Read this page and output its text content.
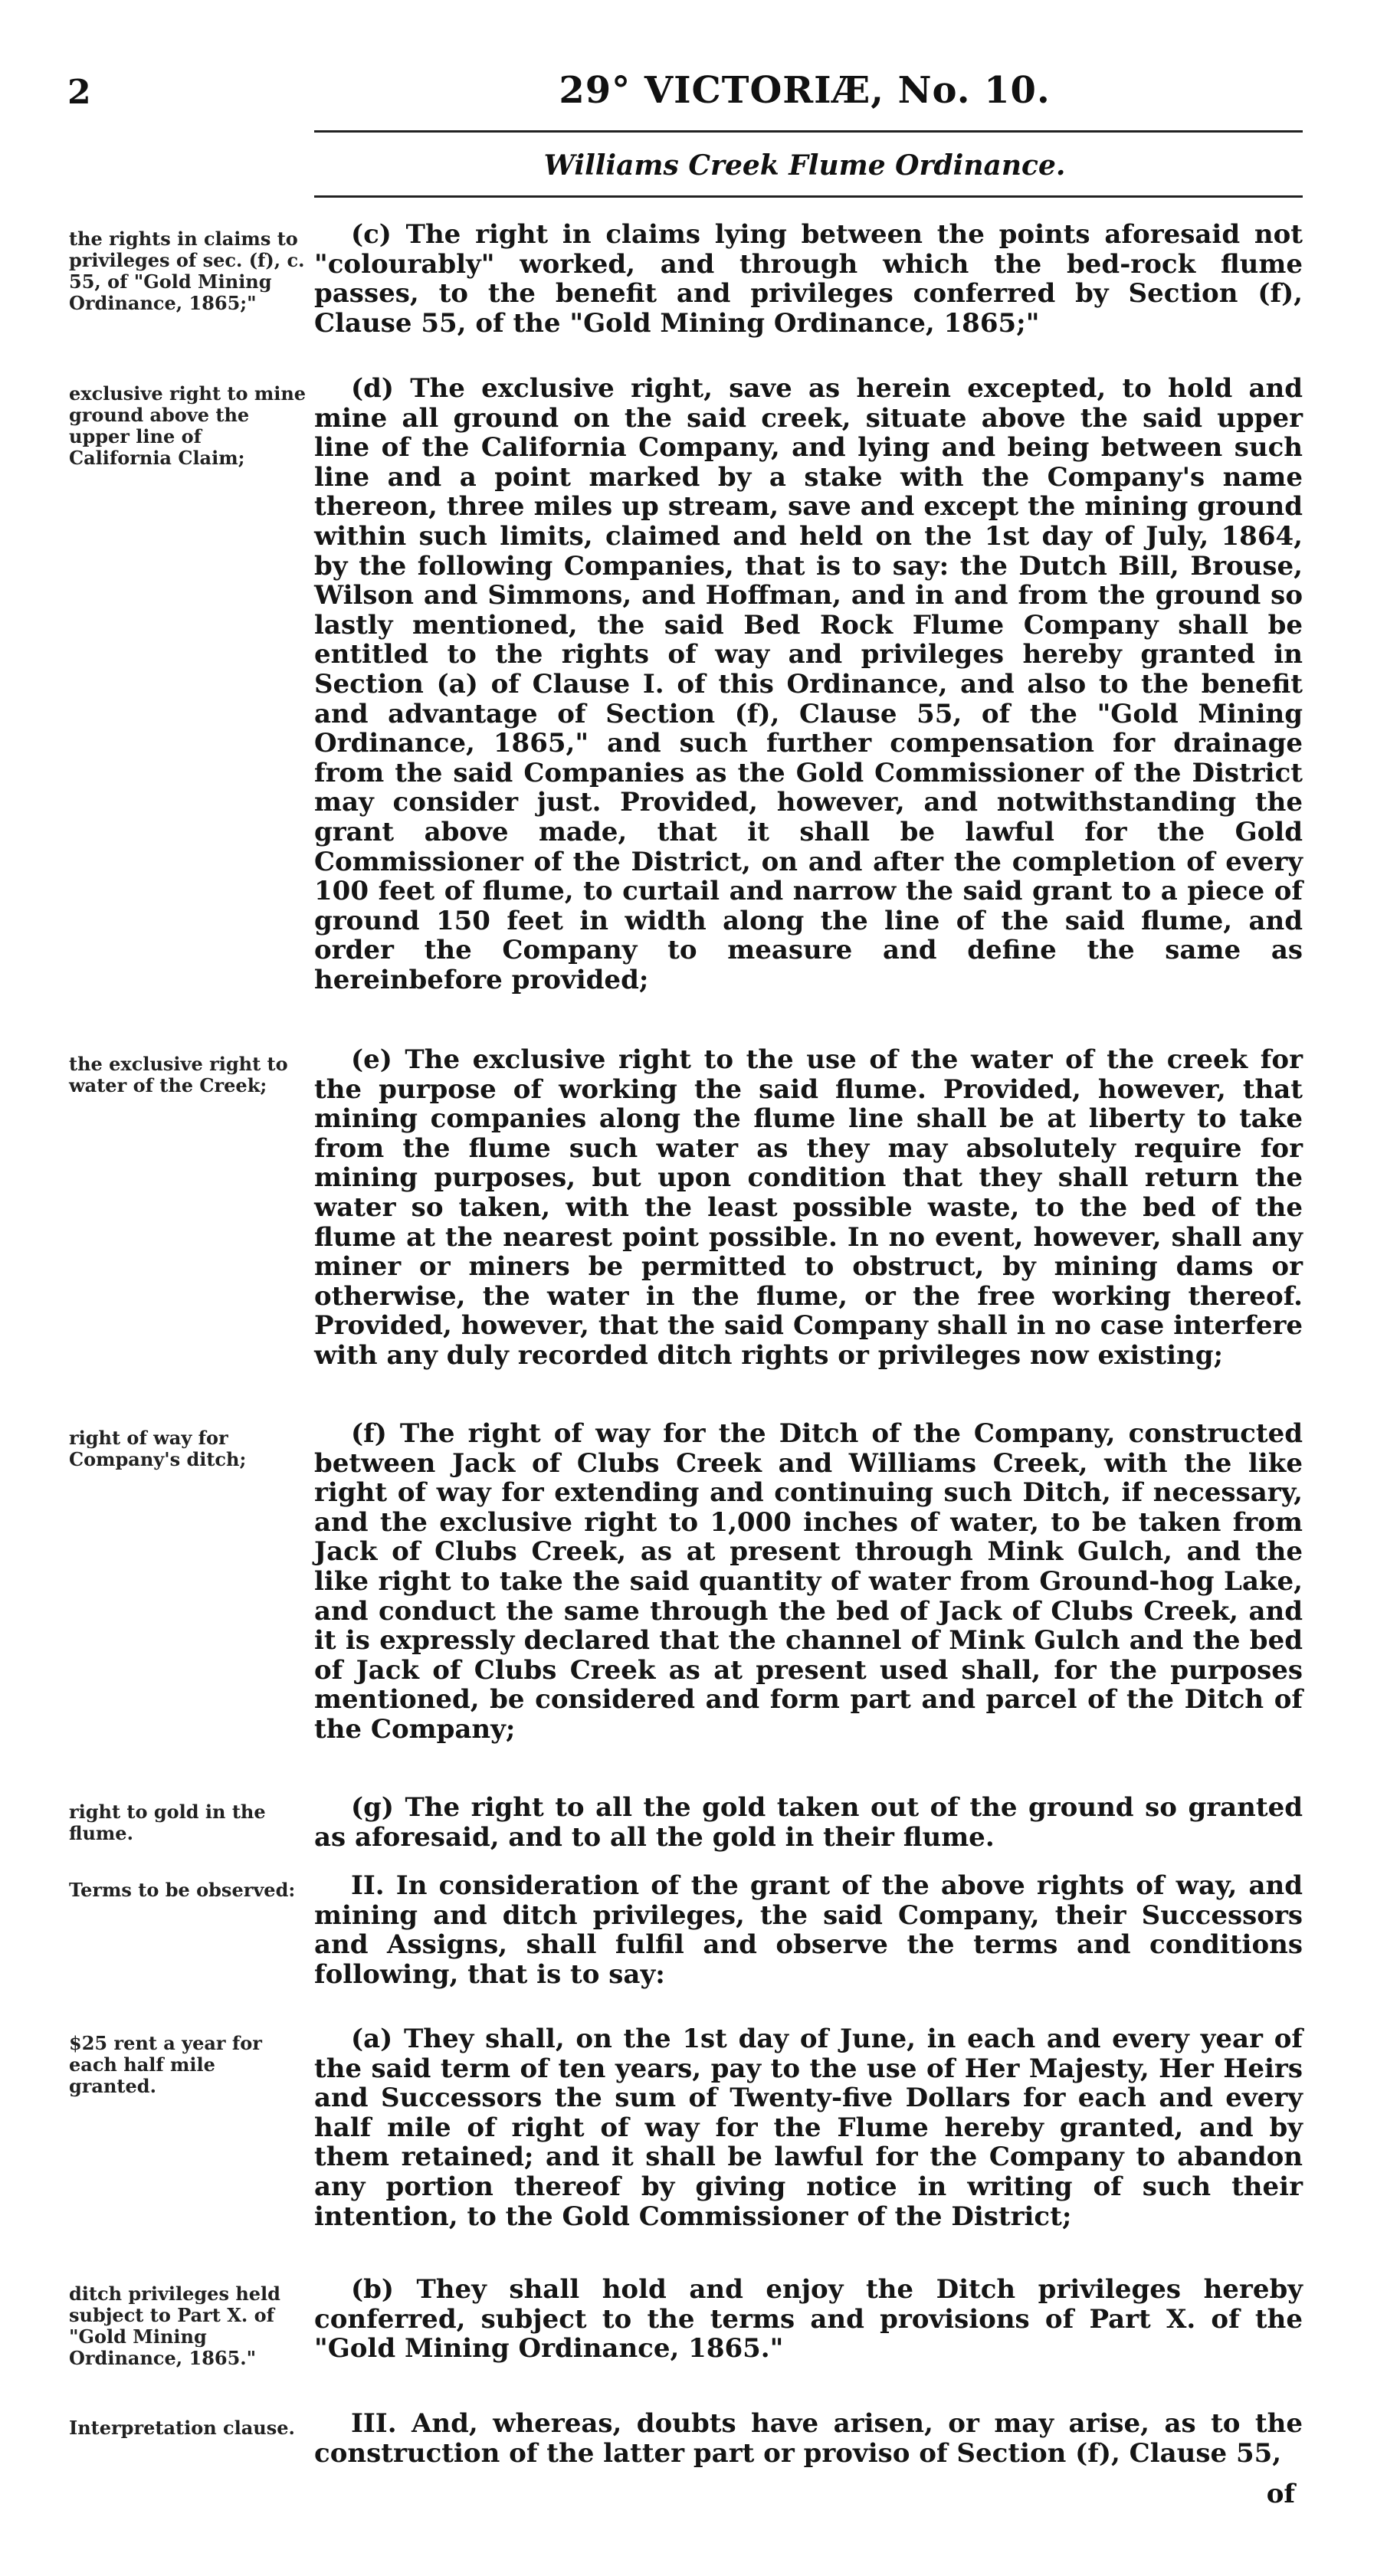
2	29° VICTORIÆ, No. 10.
Williams Creek Flume Ordinance.
the rights in claims to privileges of sec. (f), c. 55, of "Gold Mining Ordinance, 1865;"
(c) The right in claims lying between the points aforesaid not "colourably" worked, and through which the bed-rock flume passes, to the benefit and privileges conferred by Section (f), Clause 55, of the "Gold Mining Ordinance, 1865;"
exclusive right to mine ground above the upper line of California Claim;
(d) The exclusive right, save as herein excepted, to hold and mine all ground on the said creek, situate above the said upper line of the California Company, and lying and being between such line and a point marked by a stake with the Company's name thereon, three miles up stream, save and except the mining ground within such limits, claimed and held on the 1st day of July, 1864, by the following Companies, that is to say: the Dutch Bill, Brouse, Wilson and Simmons, and Hoffman, and in and from the ground so lastly mentioned, the said Bed Rock Flume Company shall be entitled to the rights of way and privileges hereby granted in Section (a) of Clause I. of this Ordinance, and also to the benefit and advantage of Section (f), Clause 55, of the "Gold Mining Ordinance, 1865," and such further compensation for drainage from the said Companies as the Gold Commissioner of the District may consider just. Provided, however, and notwithstanding the grant above made, that it shall be lawful for the Gold Commissioner of the District, on and after the completion of every 100 feet of flume, to curtail and narrow the said grant to a piece of ground 150 feet in width along the line of the said flume, and order the Company to measure and define the same as hereinbefore provided;
the exclusive right to water of the Creek;
(e) The exclusive right to the use of the water of the creek for the purpose of working the said flume. Provided, however, that mining companies along the flume line shall be at liberty to take from the flume such water as they may absolutely require for mining purposes, but upon condition that they shall return the water so taken, with the least possible waste, to the bed of the flume at the nearest point possible. In no event, however, shall any miner or miners be permitted to obstruct, by mining dams or otherwise, the water in the flume, or the free working thereof. Provided, however, that the said Company shall in no case interfere with any duly recorded ditch rights or privileges now existing;
right of way for Company's ditch;
(f) The right of way for the Ditch of the Company, constructed between Jack of Clubs Creek and Williams Creek, with the like right of way for extending and continuing such Ditch, if necessary, and the exclusive right to 1,000 inches of water, to be taken from Jack of Clubs Creek, as at present through Mink Gulch, and the like right to take the said quantity of water from Ground-hog Lake, and conduct the same through the bed of Jack of Clubs Creek, and it is expressly declared that the channel of Mink Gulch and the bed of Jack of Clubs Creek as at present used shall, for the purposes mentioned, be considered and form part and parcel of the Ditch of the Company;
right to gold in the flume.
(g) The right to all the gold taken out of the ground so granted as aforesaid, and to all the gold in their flume.
Terms to be observed:	II. In consideration of the grant of the above rights of way, and mining and ditch privileges, the said Company, their Successors and Assigns, shall fulfil and observe the terms and conditions following, that is to say:
$25 rent a year for each half mile granted.
(a) They shall, on the 1st day of June, in each and every year of the said term of ten years, pay to the use of Her Majesty, Her Heirs and Successors the sum of Twenty-five Dollars for each and every half mile of right of way for the Flume hereby granted, and by them retained; and it shall be lawful for the Company to abandon any portion thereof by giving notice in writing of such their intention, to the Gold Commissioner of the District;
ditch privileges held subject to Part X. of "Gold Mining Ordinance, 1865."
(b) They shall hold and enjoy the Ditch privileges hereby conferred, subject to the terms and provisions of Part X. of the "Gold Mining Ordinance, 1865."
Interpretation clause.	III. And, whereas, doubts have arisen, or may arise, as to the construction of the latter part or proviso of Section (f), Clause 55,
of
